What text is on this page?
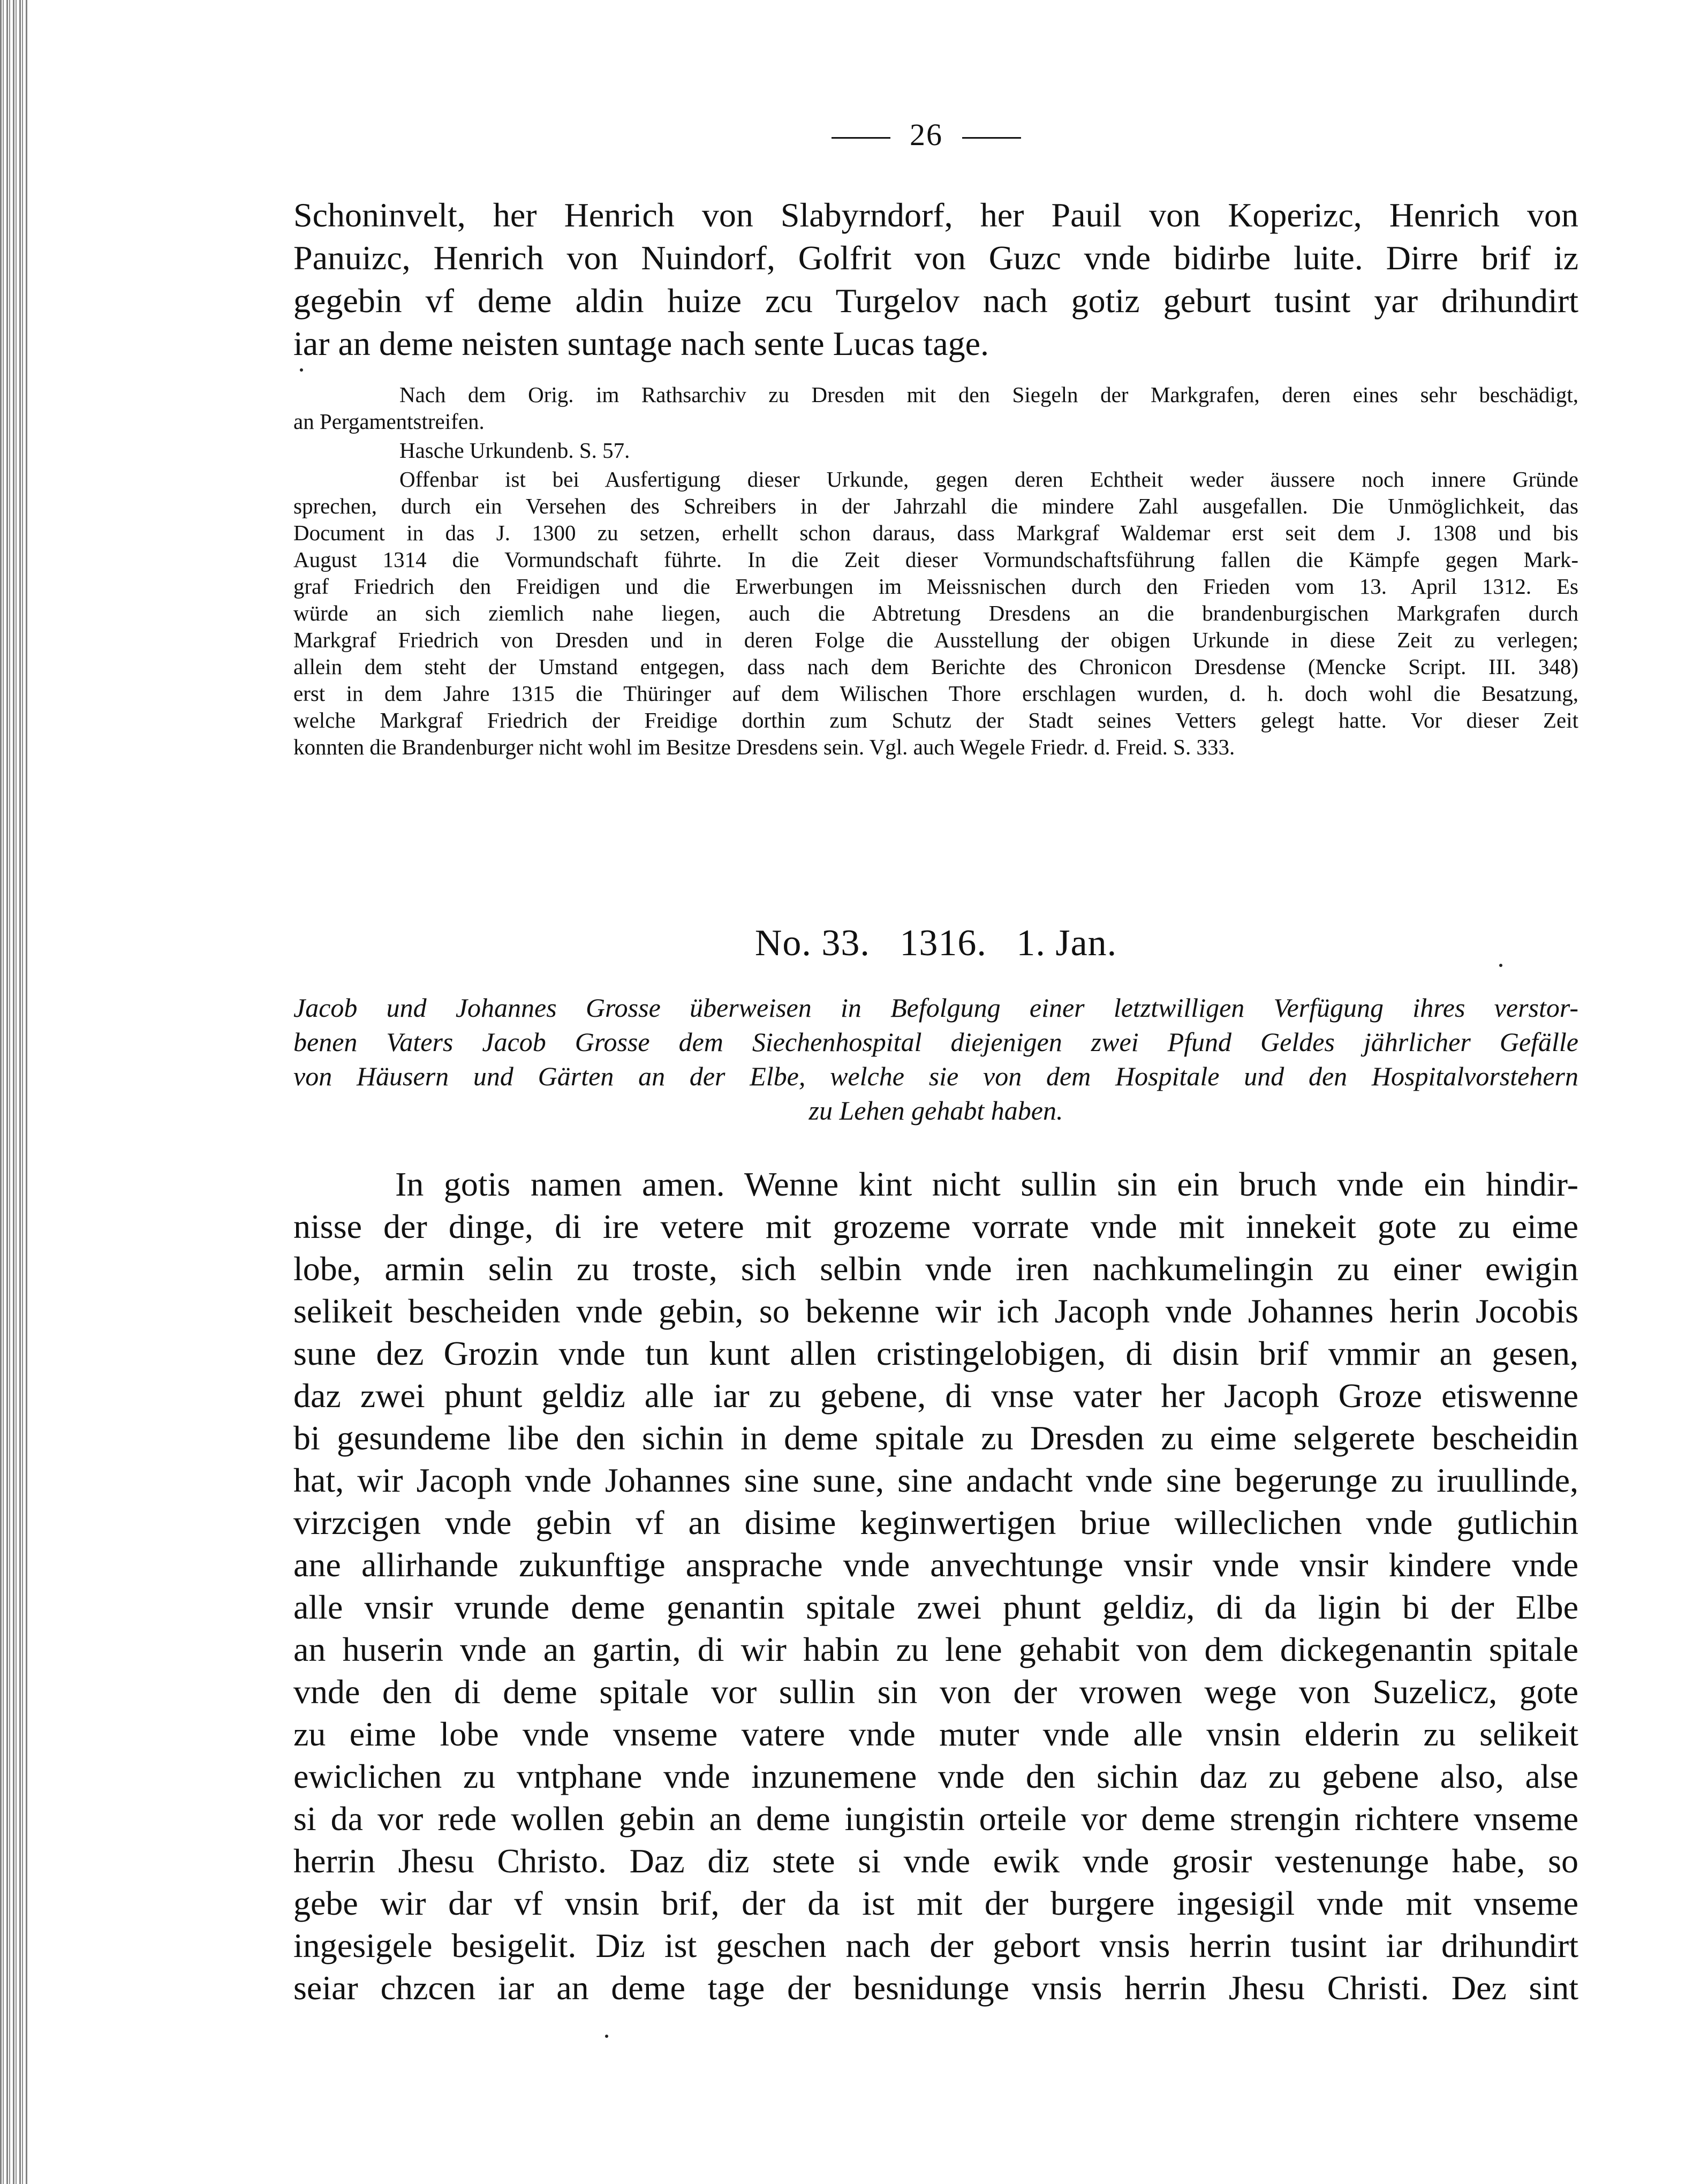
26

Schoninvelt, her Henrich von Slabyrndorf, her Pauil von Koperizc, Henrich von

Panuizc, Henrich von Nuindorf, Golfrit von Guzc vnde bidirbe luite. Dirre brif iz

gegebin vf deme aldin huize zcu Turgelov nach gotiz geburt tusint yar drihundirt

iar an deme neisten suntage nach sente Lucas tage.

Nach dem Orig. im Rathsarchiv zu Dresden mit den Siegeln der Markgrafen, deren eines sehr beschädigt,

an Pergamentstreifen.

Hasche Urkundenb. S. 57.

Offenbar ist bei Ausfertigung dieser Urkunde, gegen deren Echtheit weder äussere noch innere Gründe

sprechen, durch ein Versehen des Schreibers in der Jahrzahl die mindere Zahl ausgefallen. Die Unmöglichkeit, das

Document in das J. 1300 zu setzen, erhellt schon daraus, dass Markgraf Waldemar erst seit dem J. 1308 und bis

August 1314 die Vormundschaft führte. In die Zeit dieser Vormundschaftsführung fallen die Kämpfe gegen Mark-

graf Friedrich den Freidigen und die Erwerbungen im Meissnischen durch den Frieden vom 13. April 1312. Es

würde an sich ziemlich nahe liegen, auch die Abtretung Dresdens an die brandenburgischen Markgrafen durch

Markgraf Friedrich von Dresden und in deren Folge die Ausstellung der obigen Urkunde in diese Zeit zu verlegen;

allein dem steht der Umstand entgegen, dass nach dem Berichte des Chronicon Dresdense (Mencke Script. III. 348)

erst in dem Jahre 1315 die Thüringer auf dem Wilischen Thore erschlagen wurden, d. h. doch wohl die Besatzung,

welche Markgraf Friedrich der Freidige dorthin zum Schutz der Stadt seines Vetters gelegt hatte. Vor dieser Zeit

konnten die Brandenburger nicht wohl im Besitze Dresdens sein. Vgl. auch Wegele Friedr. d. Freid. S. 333.

No. 33.   1316.   1. Jan.

Jacob und Johannes Grosse überweisen in Befolgung einer letztwilligen Verfügung ihres verstor-

benen Vaters Jacob Grosse dem Siechenhospital diejenigen zwei Pfund Geldes jährlicher Gefälle

von Häusern und Gärten an der Elbe, welche sie von dem Hospitale und den Hospitalvorstehern

zu Lehen gehabt haben.

In gotis namen amen. Wenne kint nicht sullin sin ein bruch vnde ein hindir-

nisse der dinge, di ire vetere mit grozeme vorrate vnde mit innekeit gote zu eime

lobe, armin selin zu troste, sich selbin vnde iren nachkumelingin zu einer ewigin

selikeit bescheiden vnde gebin, so bekenne wir ich Jacoph vnde Johannes herin Jocobis

sune dez Grozin vnde tun kunt allen cristingelobigen, di disin brif vmmir an gesen,

daz zwei phunt geldiz alle iar zu gebene, di vnse vater her Jacoph Groze etiswenne

bi gesundeme libe den sichin in deme spitale zu Dresden zu eime selgerete bescheidin

hat, wir Jacoph vnde Johannes sine sune, sine andacht vnde sine begerunge zu iruullinde,

virzcigen vnde gebin vf an disime keginwertigen briue willeclichen vnde gutlichin

ane allirhande zukunftige ansprache vnde anvechtunge vnsir vnde vnsir kindere vnde

alle vnsir vrunde deme genantin spitale zwei phunt geldiz, di da ligin bi der Elbe

an huserin vnde an gartin, di wir habin zu lene gehabit von dem dickegenantin spitale

vnde den di deme spitale vor sullin sin von der vrowen wege von Suzelicz, gote

zu eime lobe vnde vnseme vatere vnde muter vnde alle vnsin elderin zu selikeit

ewiclichen zu vntphane vnde inzunemene vnde den sichin daz zu gebene also, alse

si da vor rede wollen gebin an deme iungistin orteile vor deme strengin richtere vnseme

herrin Jhesu Christo. Daz diz stete si vnde ewik vnde grosir vestenunge habe, so

gebe wir dar vf vnsin brif, der da ist mit der burgere ingesigil vnde mit vnseme

ingesigele besigelit. Diz ist geschen nach der gebort vnsis herrin tusint iar drihundirt

seiar chzcen iar an deme tage der besnidunge vnsis herrin Jhesu Christi. Dez sint
